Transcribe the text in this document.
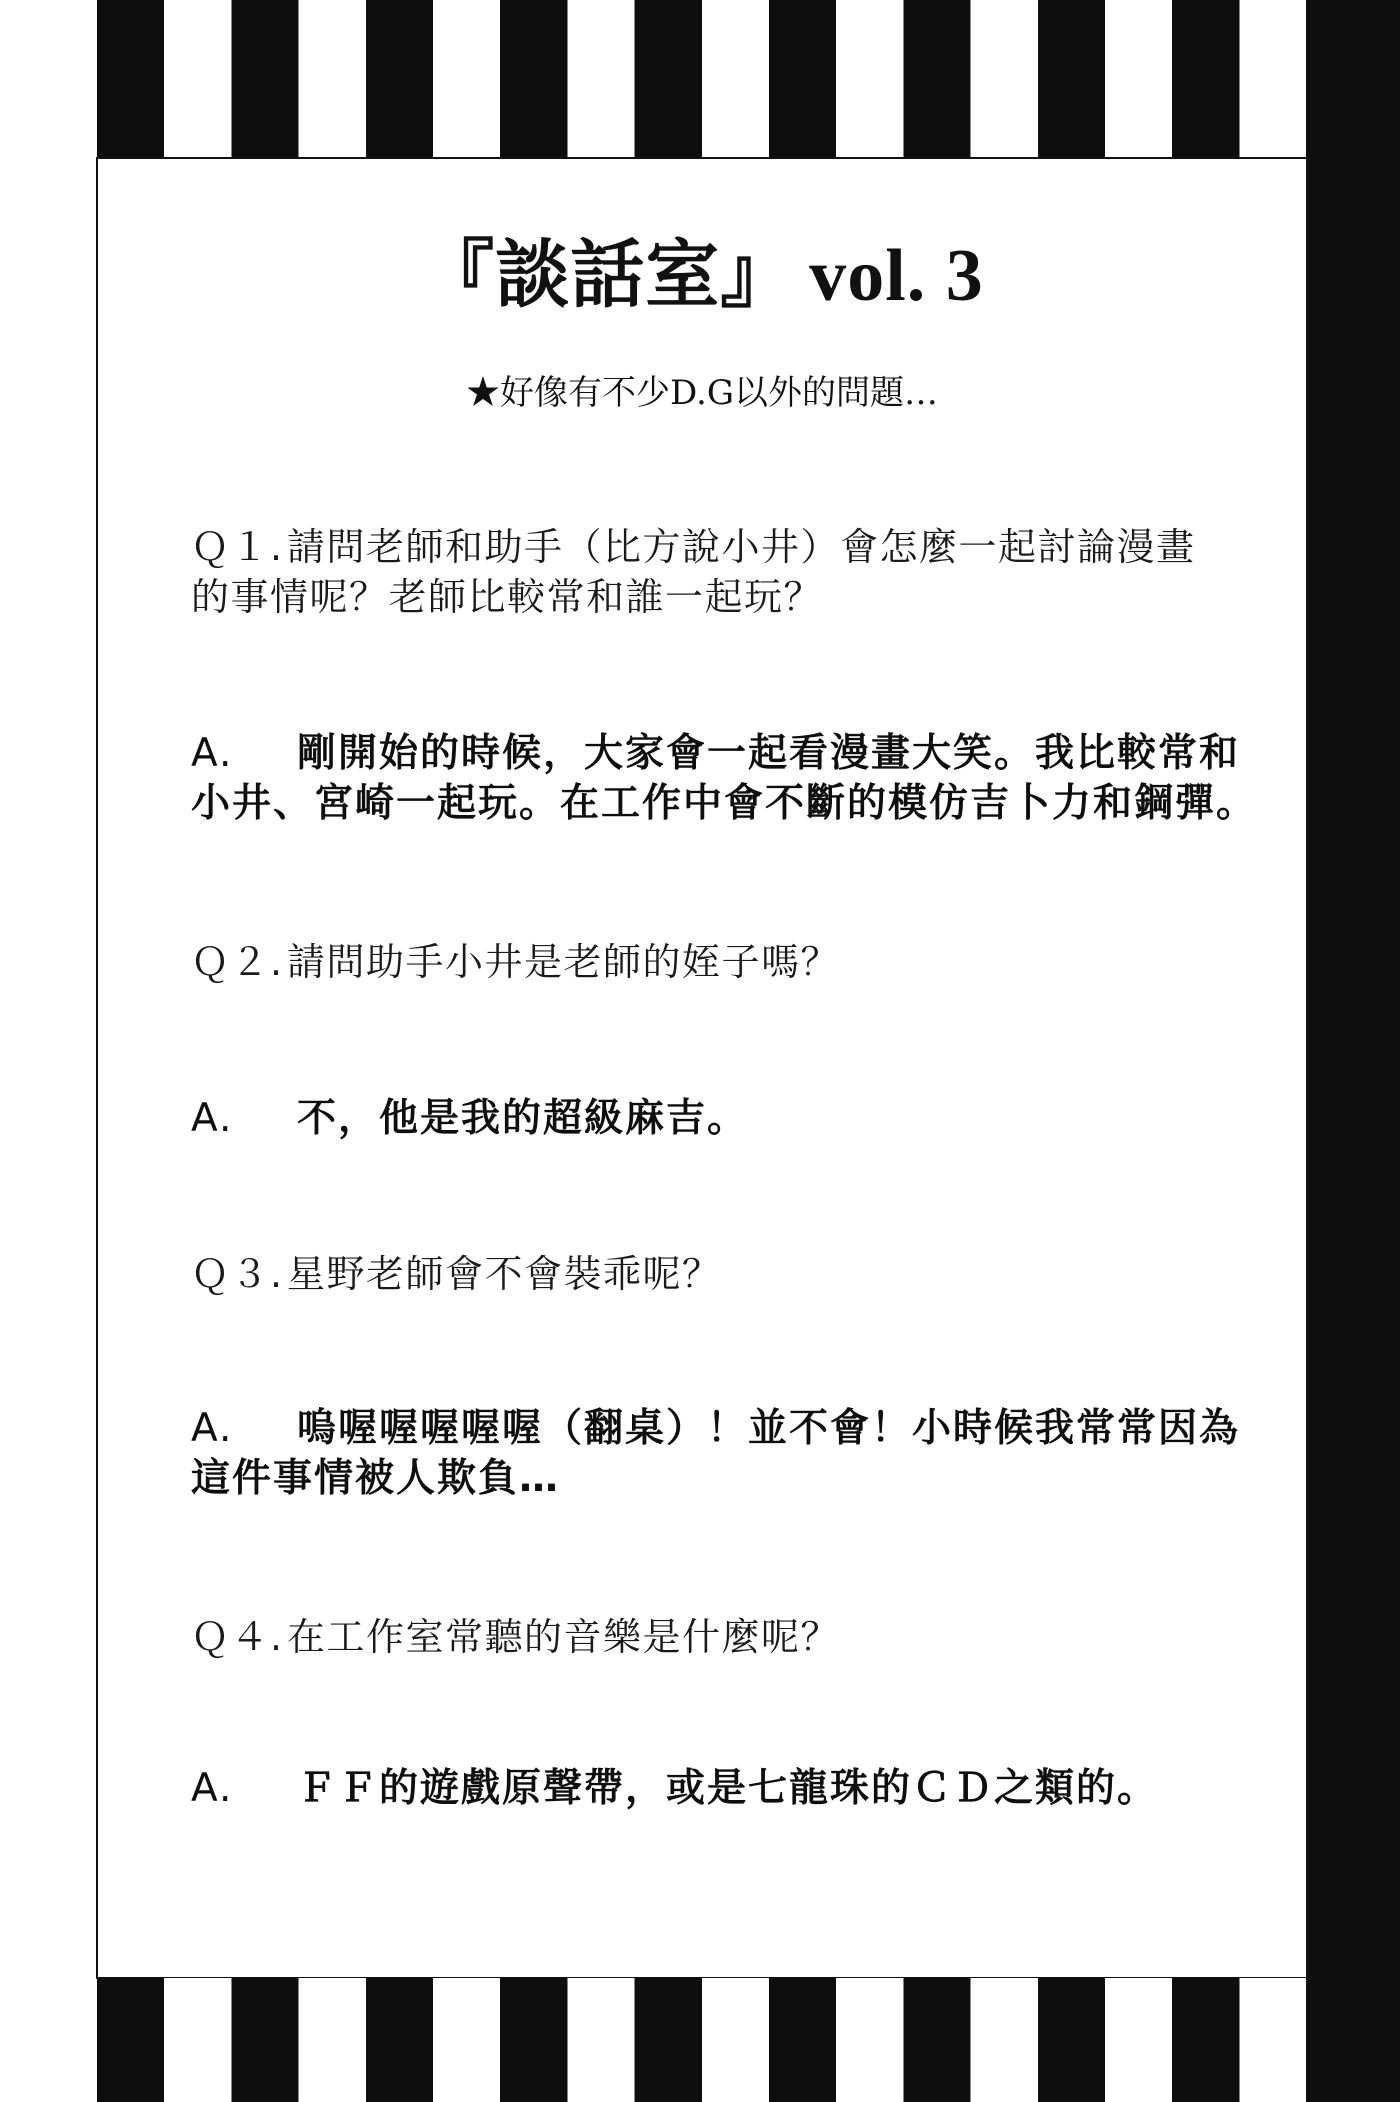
『談話室』 vol. 3
★好像有不少D.G以外的問題…
Ｑ１.請問老師和助手（比方說小井）會怎麼一起討論漫畫
的事情呢？老師比較常和誰一起玩？
A. 剛開始的時候，大家會一起看漫畫大笑。我比較常和
小井、宮崎一起玩。在工作中會不斷的模仿吉卜力和鋼彈。
Ｑ２.請問助手小井是老師的姪子嗎？
A. 不，他是我的超級麻吉。
Ｑ３.星野老師會不會裝乖呢？
A. 嗚喔喔喔喔喔（翻桌）！並不會！小時候我常常因為
這件事情被人欺負…
Ｑ４.在工作室常聽的音樂是什麼呢？
A. ＦＦ的遊戲原聲帶，或是七龍珠的ＣＤ之類的。
